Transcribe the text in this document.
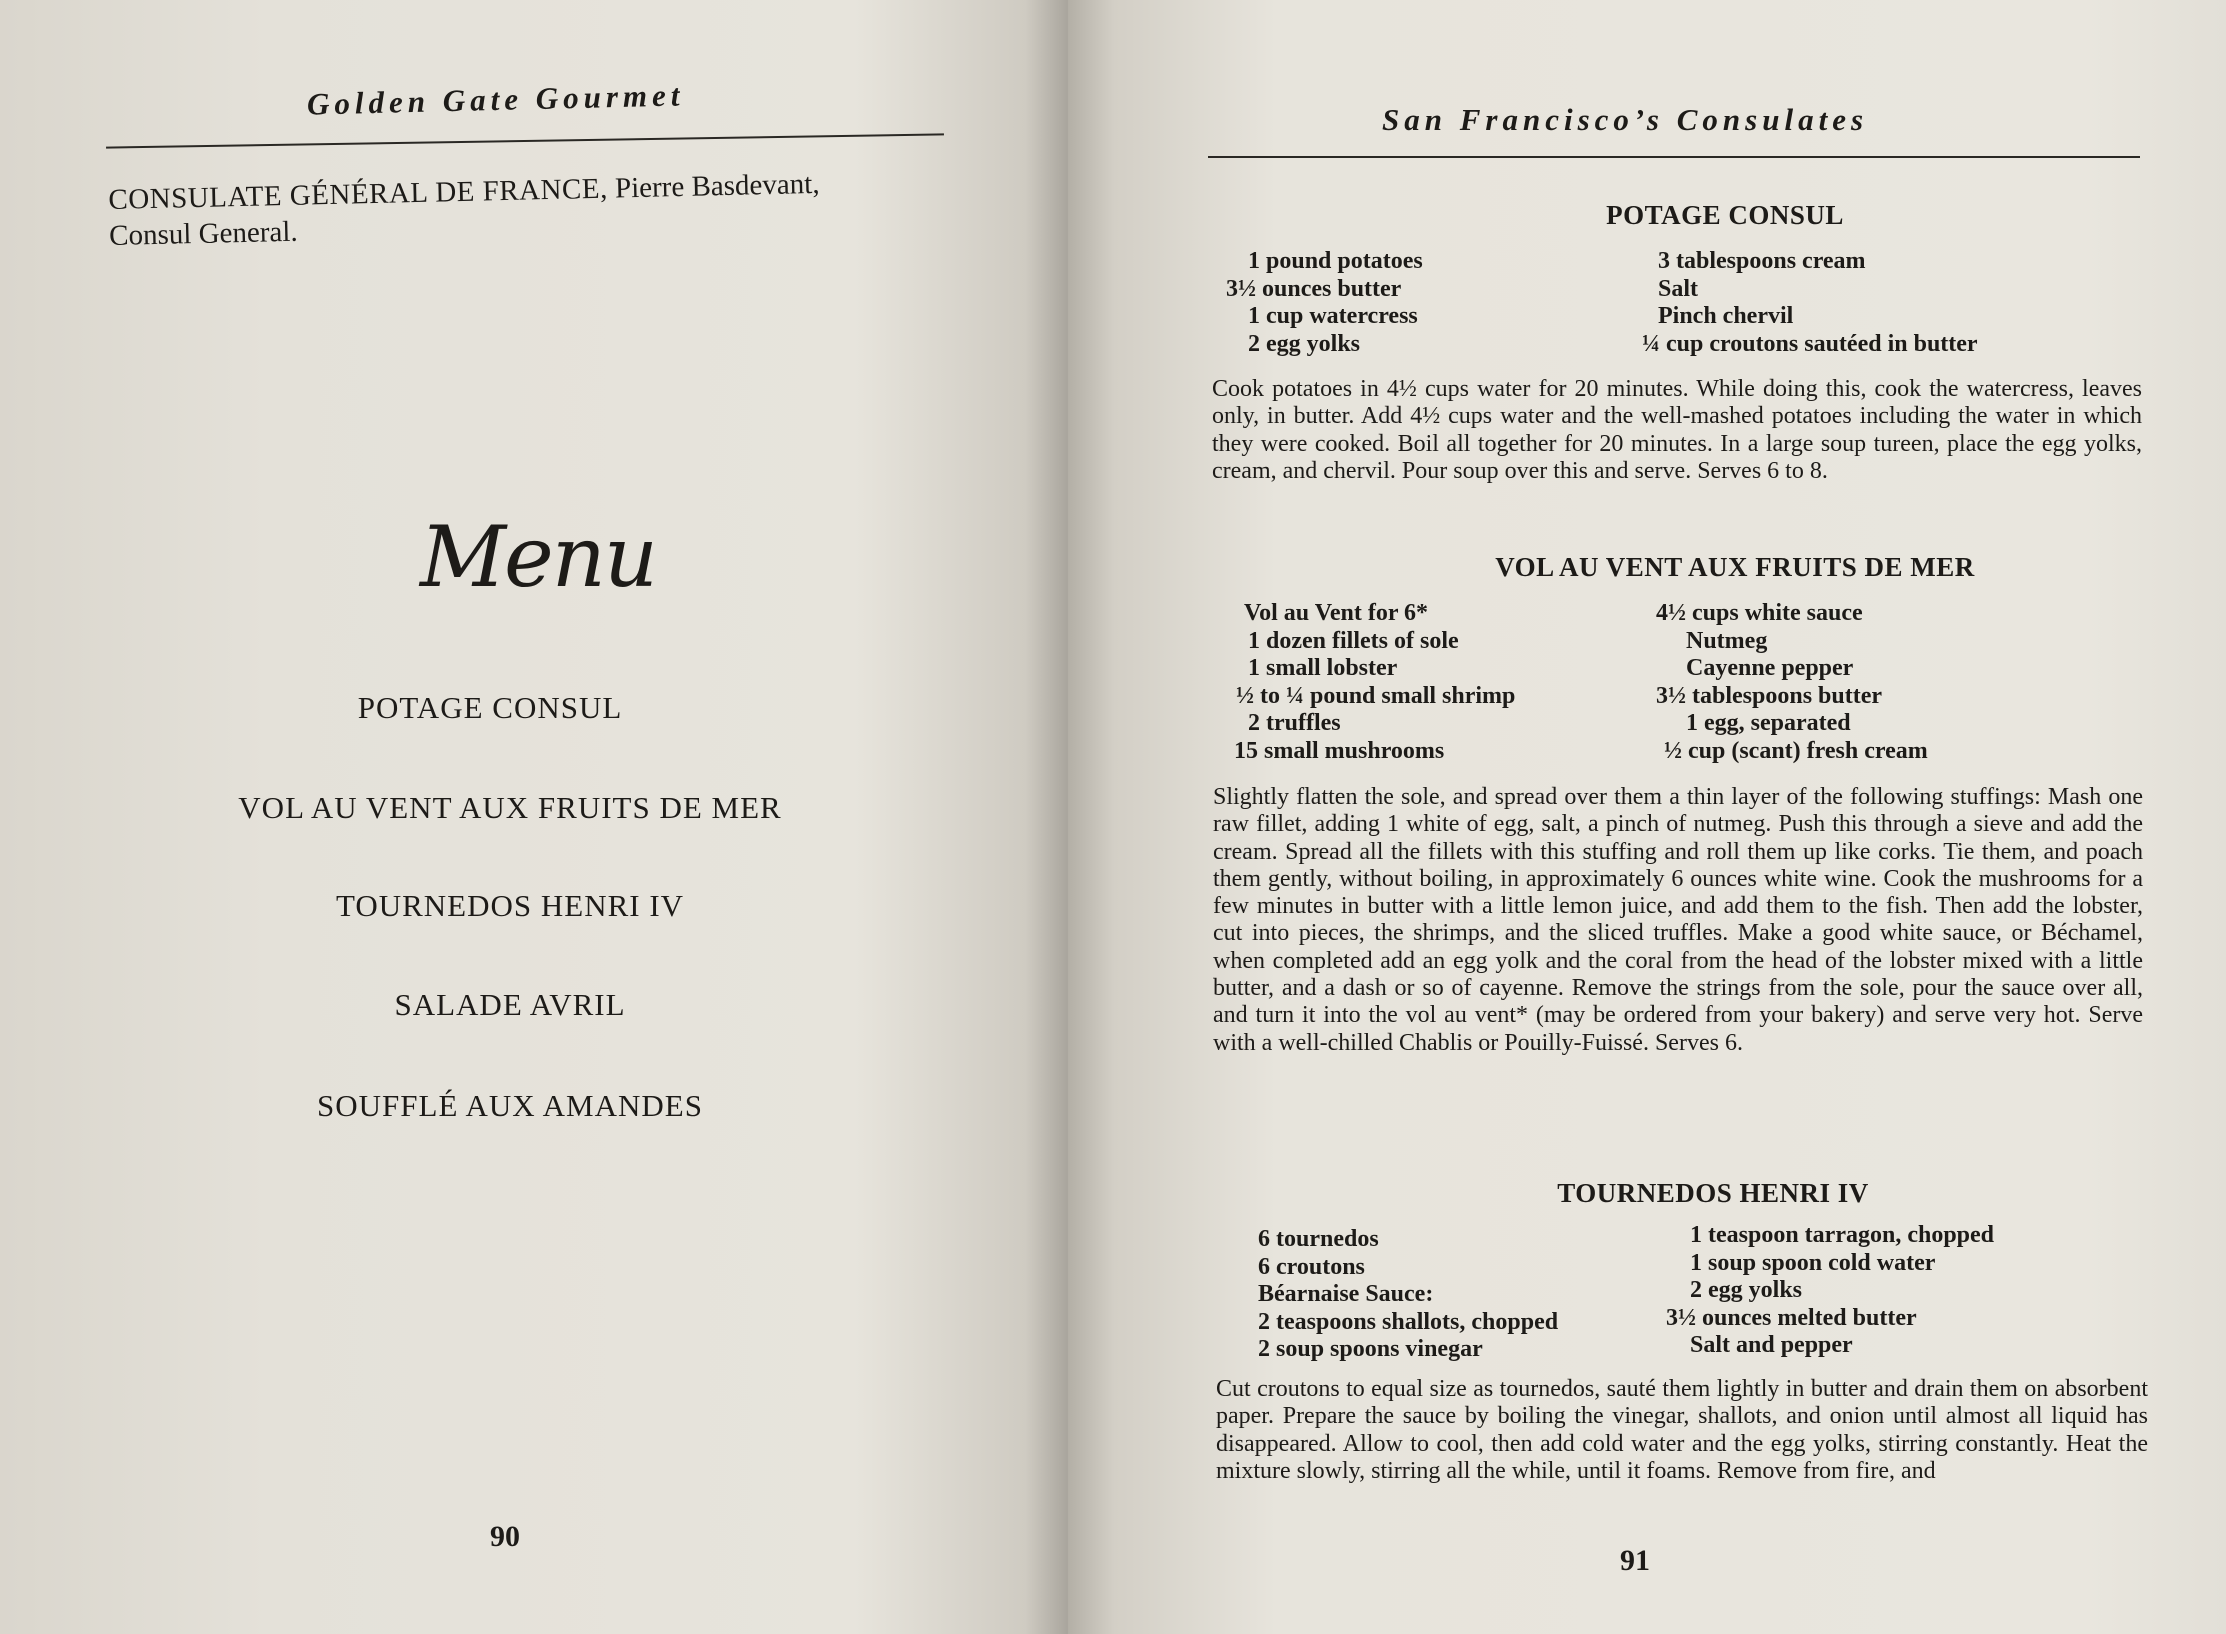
Golden Gate Gourmet
CONSULATE GÉNÉRAL DE FRANCE, Pierre Basdevant,
Consul General.
Menu
POTAGE CONSUL
VOL AU VENT AUX FRUITS DE MER
TOURNEDOS HENRI IV
SALADE AVRIL
SOUFFLÉ AUX AMANDES
90
San Francisco’s Consulates
POTAGE CONSUL
1 pound potatoes
3½ ounces butter
1 cup watercress
2 egg yolks
3 tablespoons cream
Salt
Pinch chervil
¼ cup croutons sautéed in butter
Cook potatoes in 4½ cups water for 20 minutes. While doing this, cook the watercress, leaves only, in butter. Add 4½ cups water and the well-mashed potatoes including the water in which they were cooked. Boil all together for 20 minutes. In a large soup tureen, place the egg yolks, cream, and chervil. Pour soup over this and serve. Serves 6 to 8.
VOL AU VENT AUX FRUITS DE MER
Vol au Vent for 6*
1 dozen fillets of sole
1 small lobster
½ to ¼ pound small shrimp
2 truffles
15 small mushrooms
4½ cups white sauce
Nutmeg
Cayenne pepper
3½ tablespoons butter
1 egg, separated
½ cup (scant) fresh cream
Slightly flatten the sole, and spread over them a thin layer of the following stuffings: Mash one raw fillet, adding 1 white of egg, salt, a pinch of nutmeg. Push this through a sieve and add the cream. Spread all the fillets with this stuffing and roll them up like corks. Tie them, and poach them gently, without boiling, in approximately 6 ounces white wine. Cook the mushrooms for a few minutes in butter with a little lemon juice, and add them to the fish. Then add the lobster, cut into pieces, the shrimps, and the sliced truffles. Make a good white sauce, or Béchamel, when completed add an egg yolk and the coral from the head of the lobster mixed with a little butter, and a dash or so of cayenne. Remove the strings from the sole, pour the sauce over all, and turn it into the vol au vent* (may be ordered from your bakery) and serve very hot. Serve with a well-chilled Chablis or Pouilly-Fuissé. Serves 6.
TOURNEDOS HENRI IV
6 tournedos
6 croutons
Béarnaise Sauce:
2 teaspoons shallots, chopped
2 soup spoons vinegar
1 teaspoon tarragon, chopped
1 soup spoon cold water
2 egg yolks
3½ ounces melted butter
Salt and pepper
Cut croutons to equal size as tournedos, sauté them lightly in butter and drain them on absorbent paper. Prepare the sauce by boiling the vinegar, shallots, and onion until almost all liquid has disappeared. Allow to cool, then add cold water and the egg yolks, stirring constantly. Heat the mixture slowly, stirring all the while, until it foams. Remove from fire, and
91
